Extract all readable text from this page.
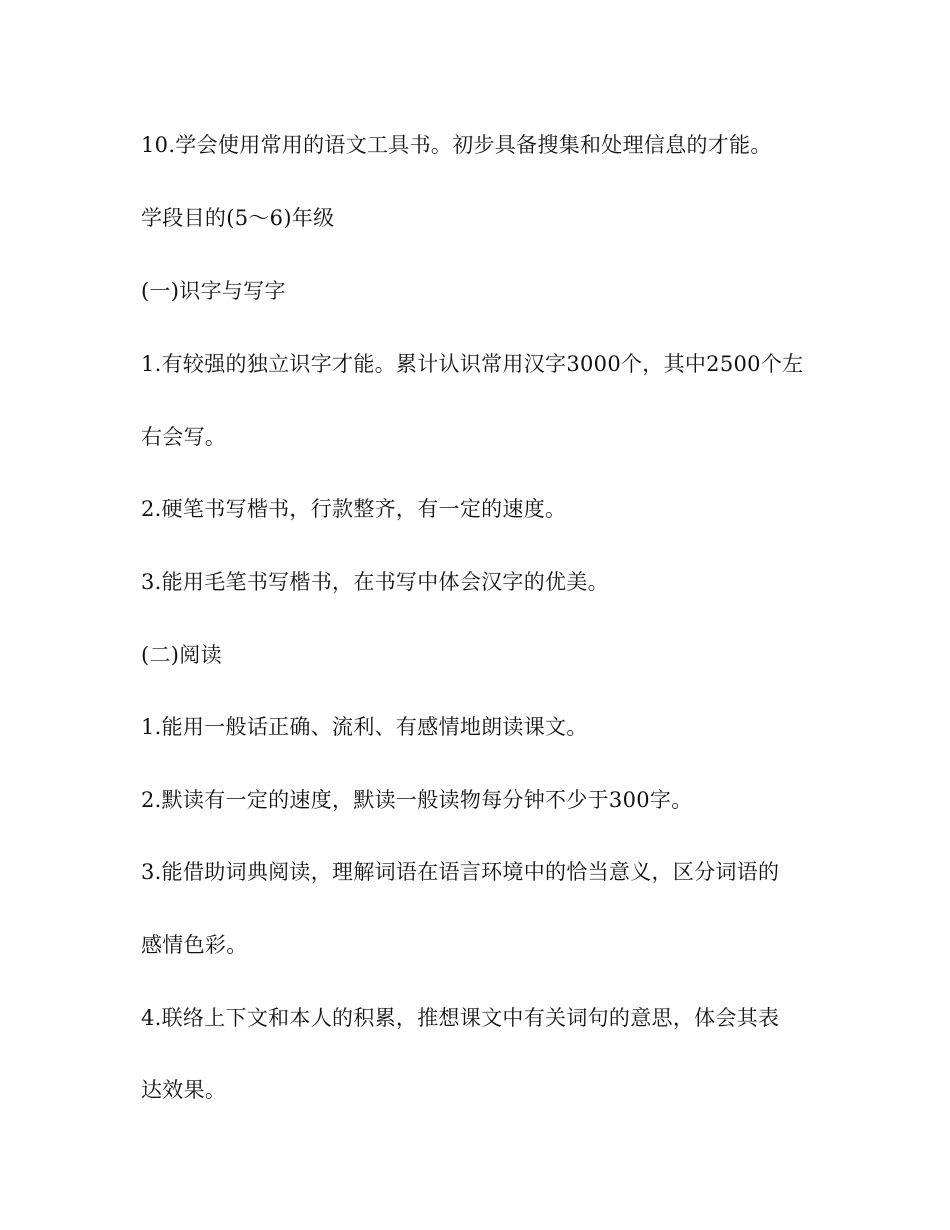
10.学会使用常用的语文工具书。初步具备搜集和处理信息的才能。
学段目的(5～6)年级
(一)识字与写字
1.有较强的独立识字才能。累计认识常用汉字3000个，其中2500个左
右会写。
2.硬笔书写楷书，行款整齐，有一定的速度。
3.能用毛笔书写楷书，在书写中体会汉字的优美。
(二)阅读
1.能用一般话正确、流利、有感情地朗读课文。
2.默读有一定的速度，默读一般读物每分钟不少于300字。
3.能借助词典阅读，理解词语在语言环境中的恰当意义，区分词语的
感情色彩。
4.联络上下文和本人的积累，推想课文中有关词句的意思，体会其表
达效果。
